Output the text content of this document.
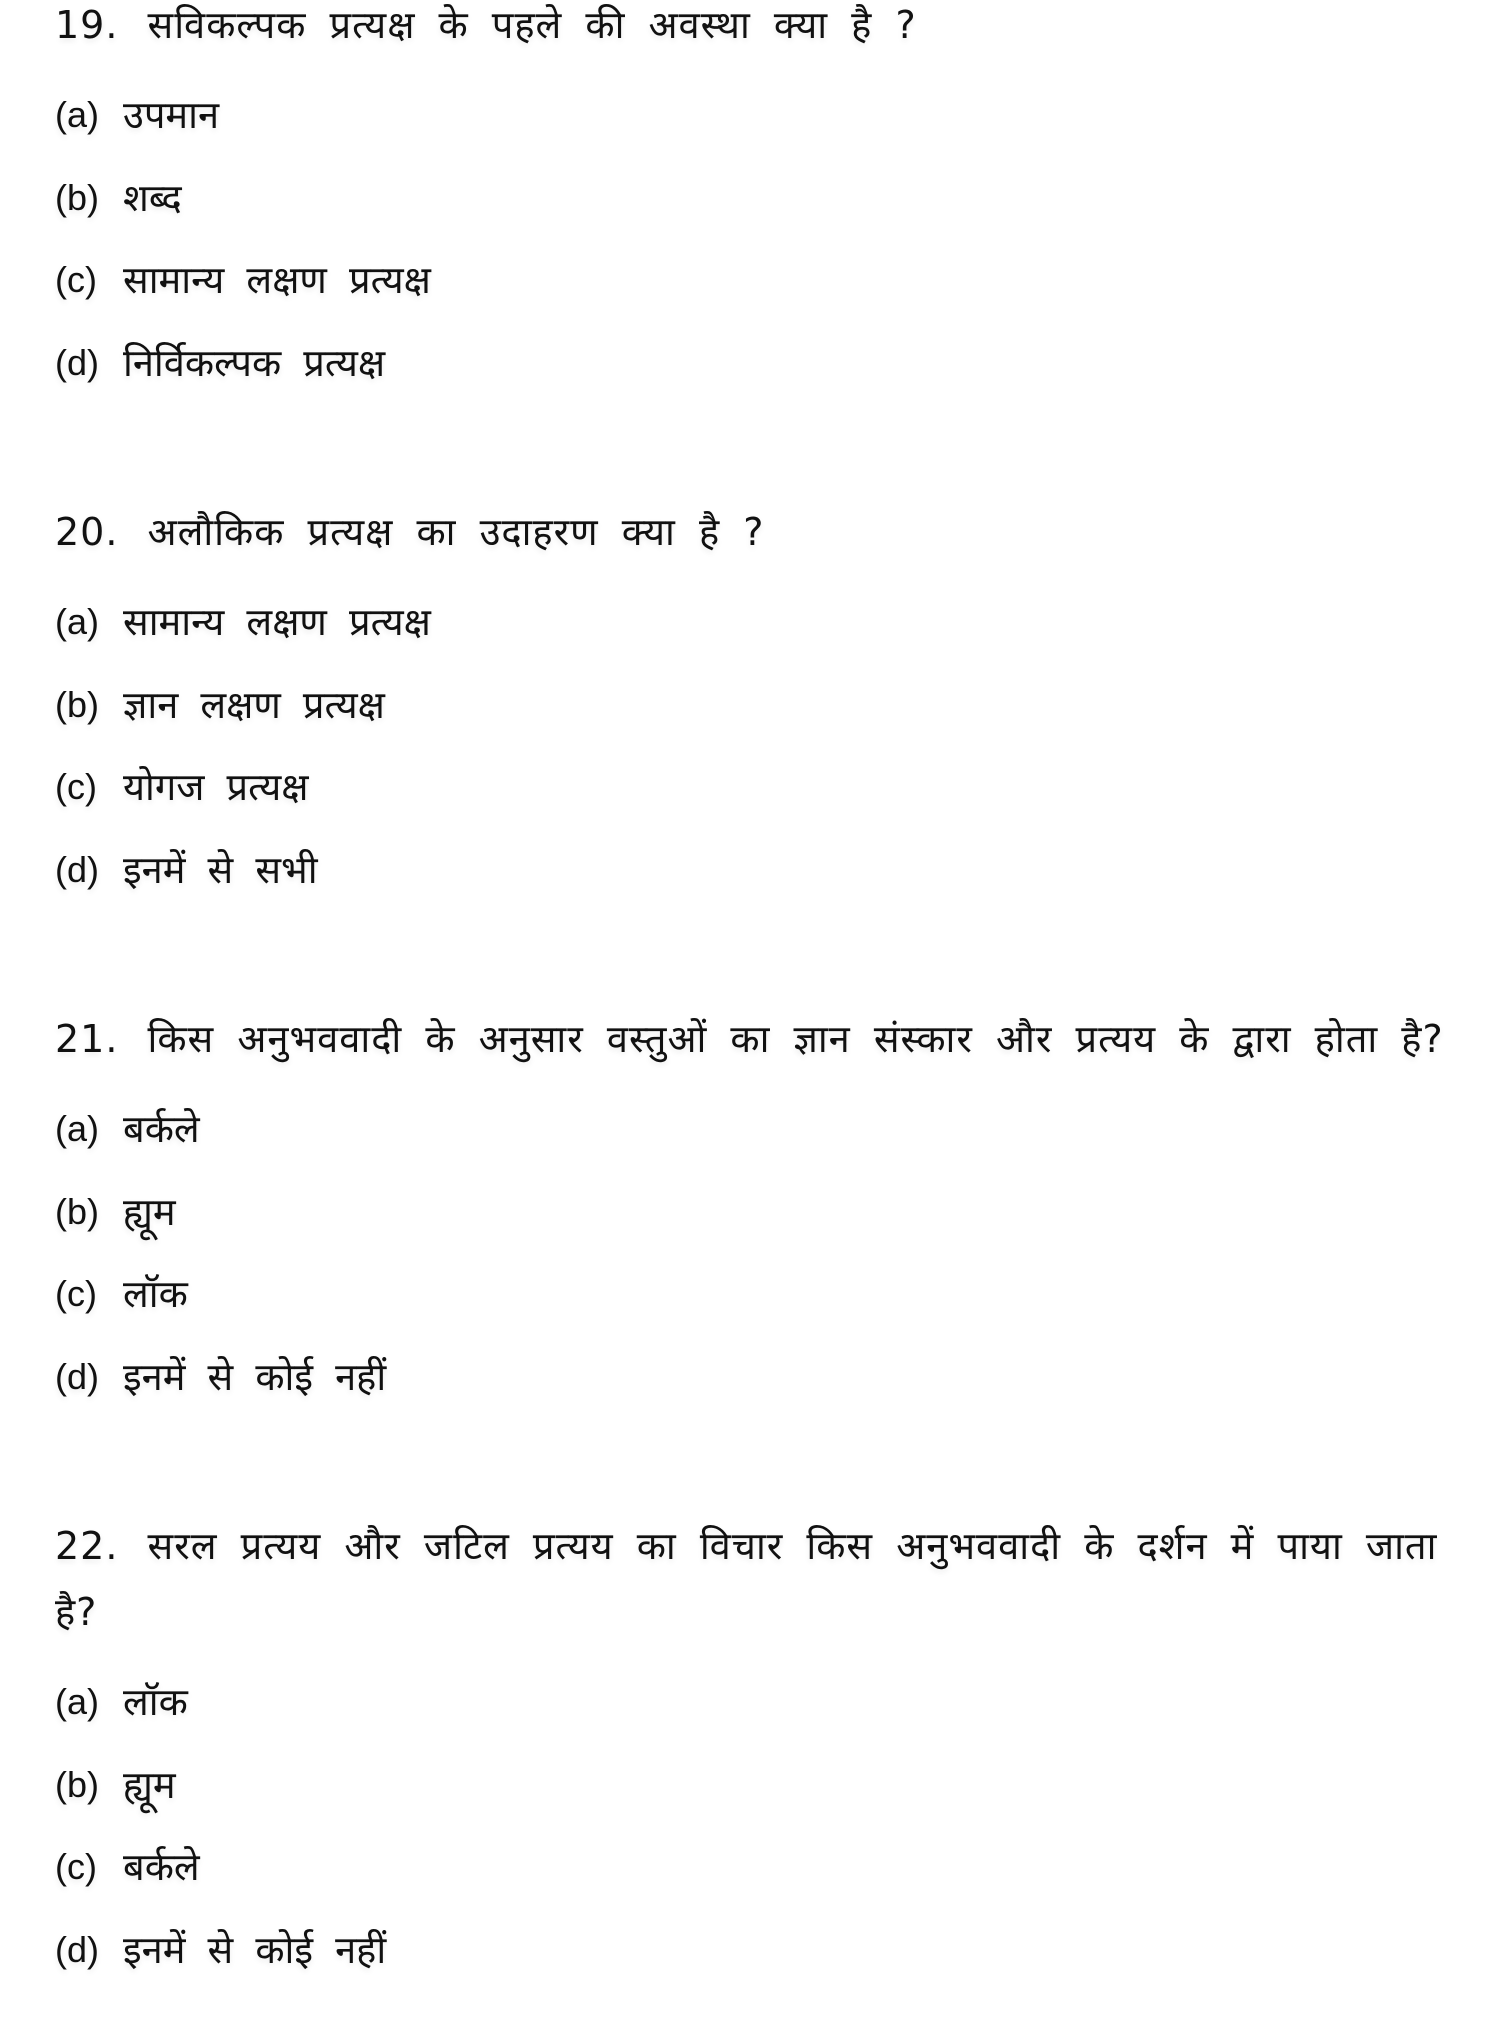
19. सविकल्पक प्रत्यक्ष के पहले की अवस्था क्या है ?

(a) उपमान
(b) शब्द
(c) सामान्य लक्षण प्रत्यक्ष
(d) निर्विकल्पक प्रत्यक्ष

20. अलौकिक प्रत्यक्ष का उदाहरण क्या है ?

(a) सामान्य लक्षण प्रत्यक्ष
(b) ज्ञान लक्षण प्रत्यक्ष
(c) योगज प्रत्यक्ष
(d) इनमें से सभी

21. किस अनुभववादी के अनुसार वस्तुओं का ज्ञान संस्कार और प्रत्यय के द्वारा होता है?

(a) बर्कले
(b) ह्यूम
(c) लॉक
(d) इनमें से कोई नहीं

22. सरल प्रत्यय और जटिल प्रत्यय का विचार किस अनुभववादी के दर्शन में पाया जाता है?

(a) लॉक
(b) ह्यूम
(c) बर्कले
(d) इनमें से कोई नहीं
